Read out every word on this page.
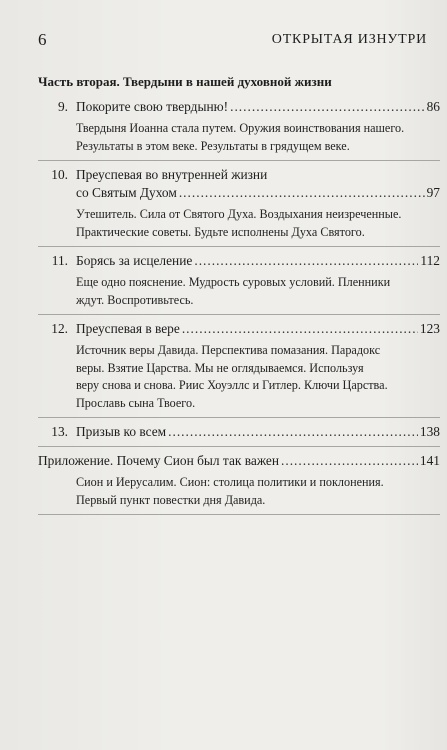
6	ОТКРЫТАЯ ИЗНУТРИ
Часть вторая. Твердыни в нашей духовной жизни
9. Покорите свою твердыню! .....	86
Твердыня Иоанна стала путем. Оружия воинствования нашего.
Результаты в этом веке. Результаты в грядущем веке.
10. Преуспевая во внутренней жизни
со Святым Духом .....	97
Утешитель. Сила от Святого Духа. Воздыхания неизреченные.
Практические советы. Будьте исполнены Духа Святого.
11. Борясь за исцеление .....	112
Еще одно пояснение. Мудрость суровых условий. Пленники
ждут. Воспротивьтесь.
12. Преуспевая в вере .....	123
Источник веры Давида. Перспектива помазания. Парадокс
веры. Взятие Царства. Мы не оглядываемся. Используя
веру снова и снова. Риис Хоуэллс и Гитлер. Ключи Царства.
Прославь сына Твоего.
13. Призыв ко всем .....	138
Приложение. Почему Сион был так важен .....	141
Сион и Иерусалим. Сион: столица политики и поклонения.
Первый пункт повестки дня Давида.
